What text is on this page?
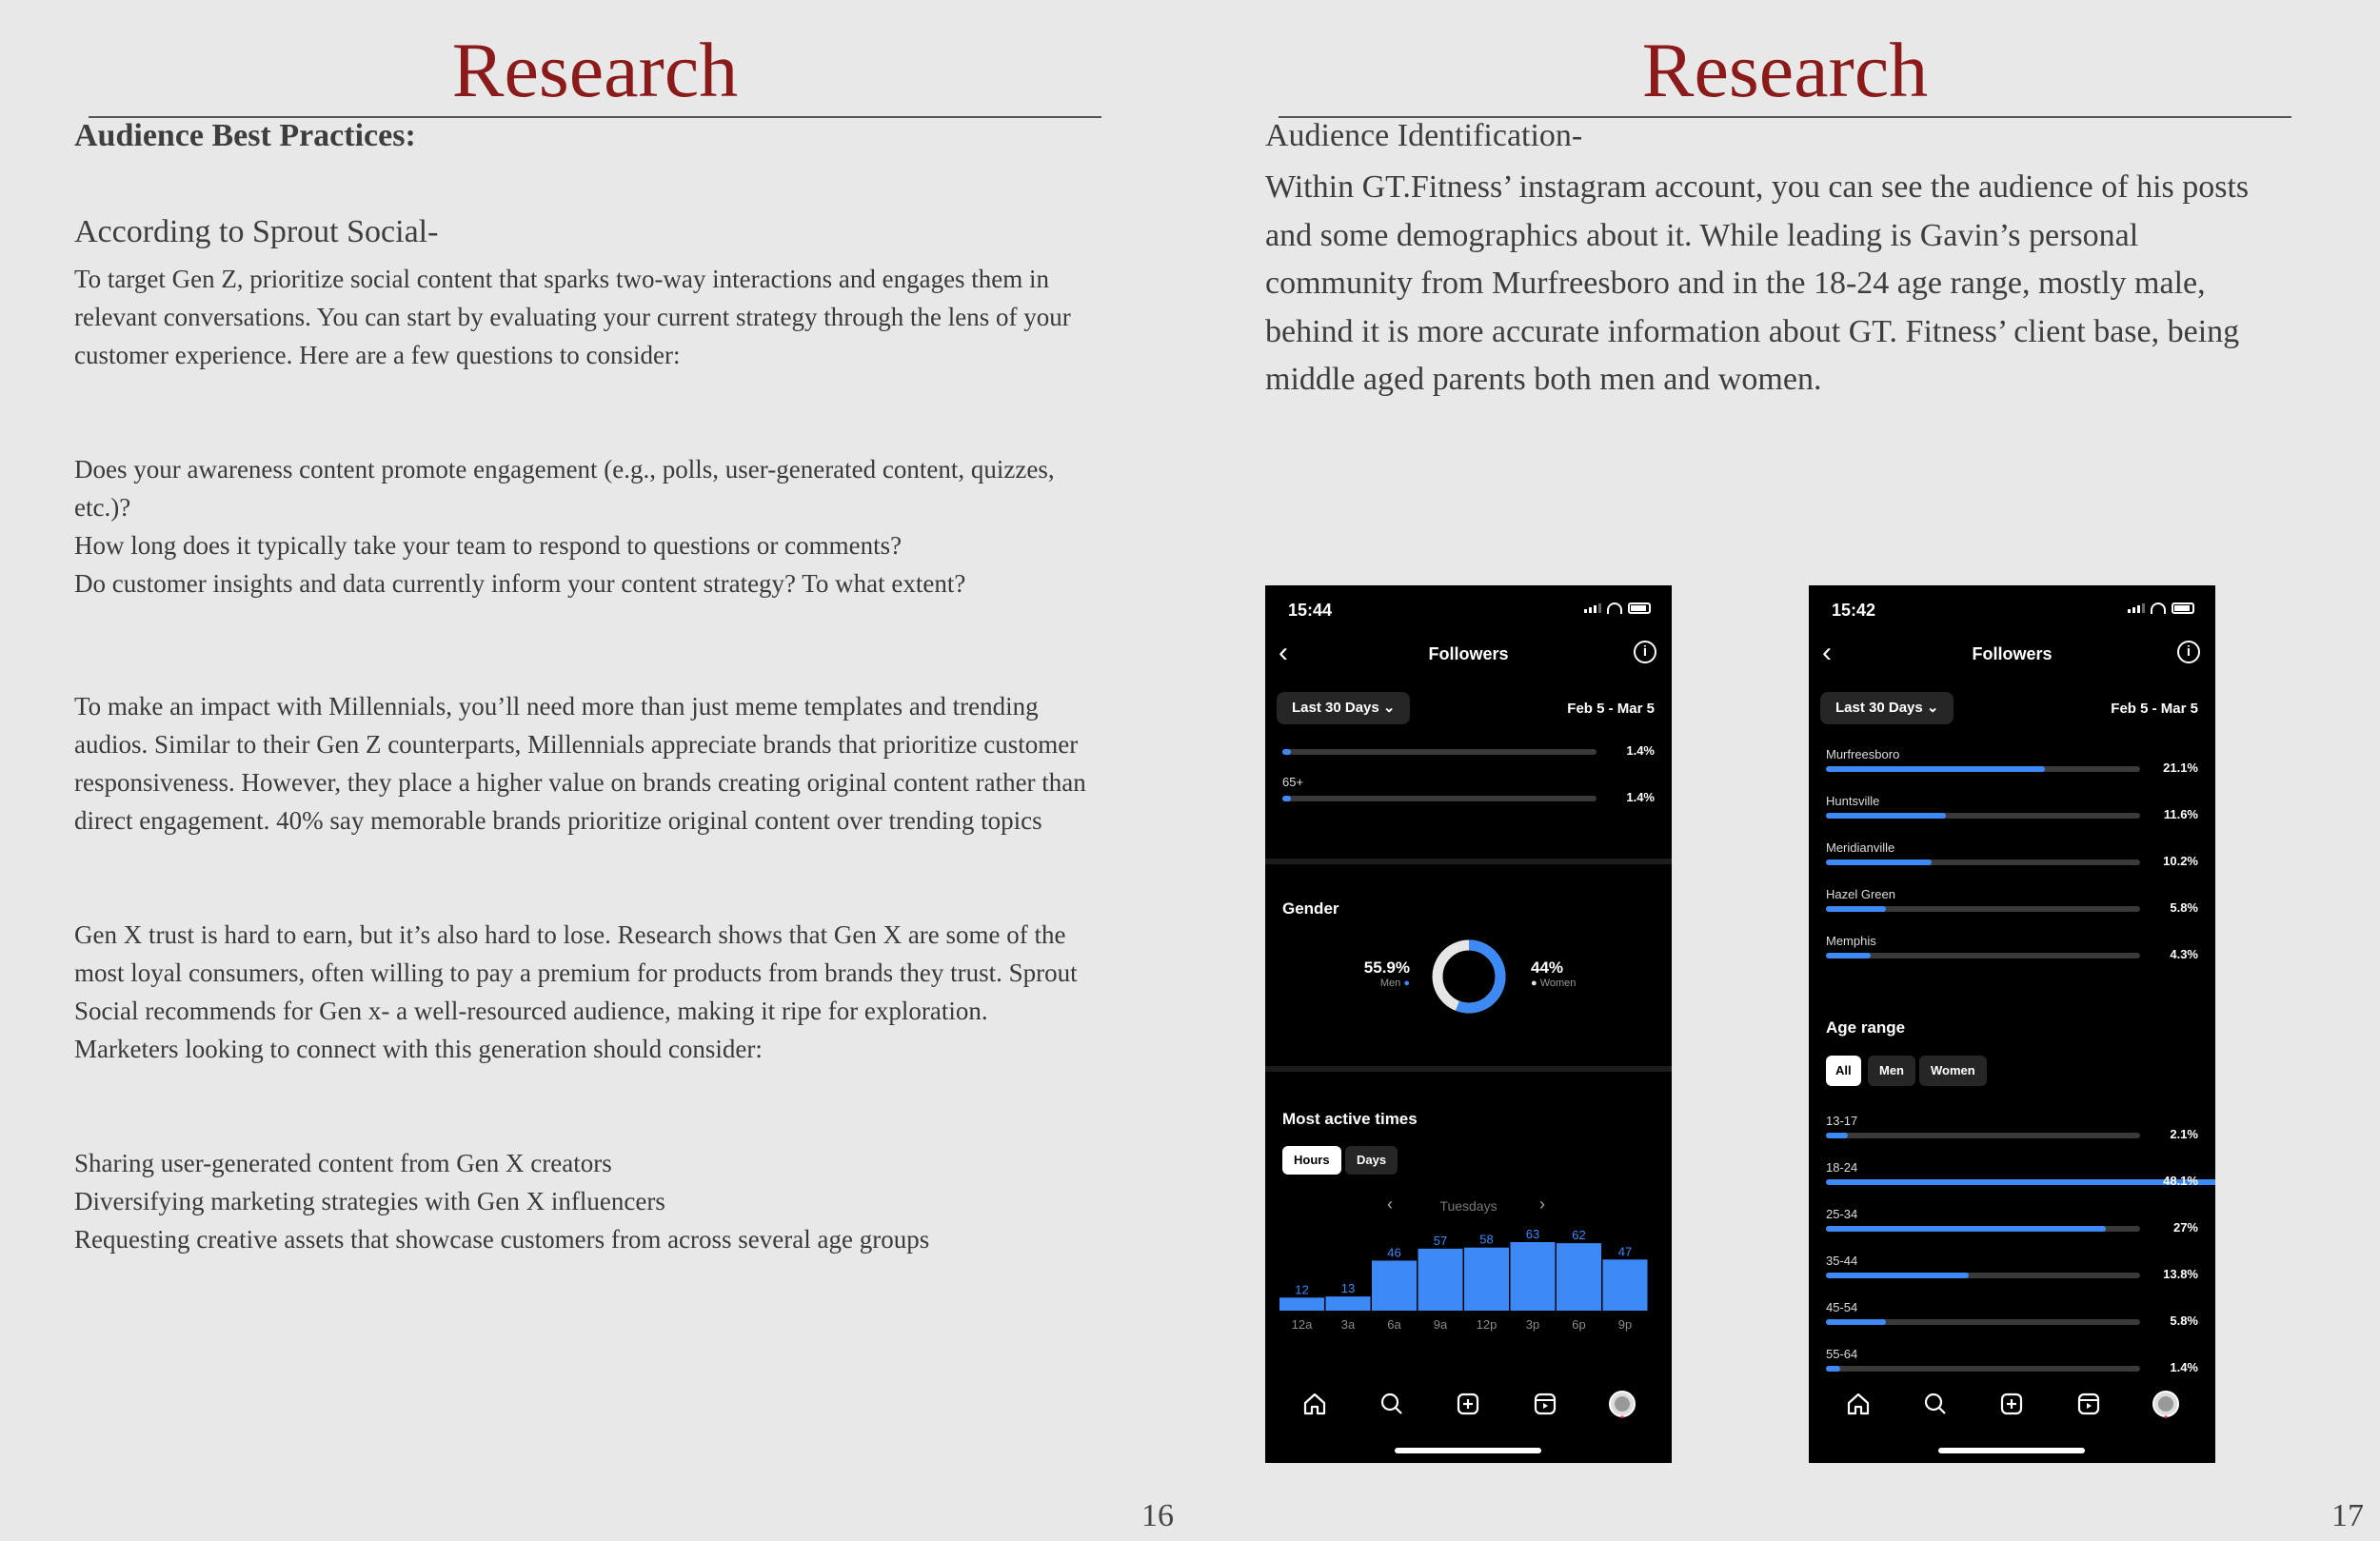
Research
Audience Best Practices:
According to Sprout Social-
To target Gen Z, prioritize social content that sparks two-way interactions and engages them in relevant conversations. You can start by evaluating your current strategy through the lens of your customer experience. Here are a few questions to consider:

Does your awareness content promote engagement (e.g., polls, user-generated content, quizzes, etc.)?

How long does it typically take your team to respond to questions or comments?

Do customer insights and data currently inform your content strategy? To what extent?

To make an impact with Millennials, you’ll need more than just meme templates and trending audios. Similar to their Gen Z counterparts, Millennials appreciate brands that prioritize customer responsiveness. However, they place a higher value on brands creating original content rather than direct engagement. 40% say memorable brands prioritize original content over trending topics
Gen X trust is hard to earn, but it’s also hard to lose. Research shows that Gen X are some of the most loyal consumers, often willing to pay a premium for products from brands they trust. Sprout Social recommends for Gen x- a well-resourced audience, making it ripe for exploration. Marketers looking to connect with this generation should consider:

Sharing user-generated content from Gen X creators

Diversifying marketing strategies with Gen X influencers

Requesting creative assets that showcase customers from across several age groups

16
Research
Audience Identification-
Within GT.Fitness’ instagram account, you can see the audience of his posts and some demographics about it. While leading is Gavin’s personal community from Murfreesboro and in the 18-24 age range, mostly male, behind it is more accurate information about GT. Fitness’ client base, being middle aged parents both men and women.
17
15:44
‹	Followers	i
Last 30 Days ⌄	Feb 5 - Mar 5
1.4%
65+
1.4%
Gender
55.9%
Men ●
44%
● Women
Most active times
Hours	Days
‹	Tuesdays	›
12
12a
13
3a
46
6a
57
9a
58
12p
63
3p
62
6p
47
9p
15:42
‹	Followers	i
Last 30 Days ⌄	Feb 5 - Mar 5
Murfreesboro
21.1%
Huntsville
11.6%
Meridianville
10.2%
Hazel Green
5.8%
Memphis
4.3%
Age range
All	Men	Women
13-17
2.1%
18-24
48.1%
25-34
27%
35-44
13.8%
45-54
5.8%
55-64
1.4%
